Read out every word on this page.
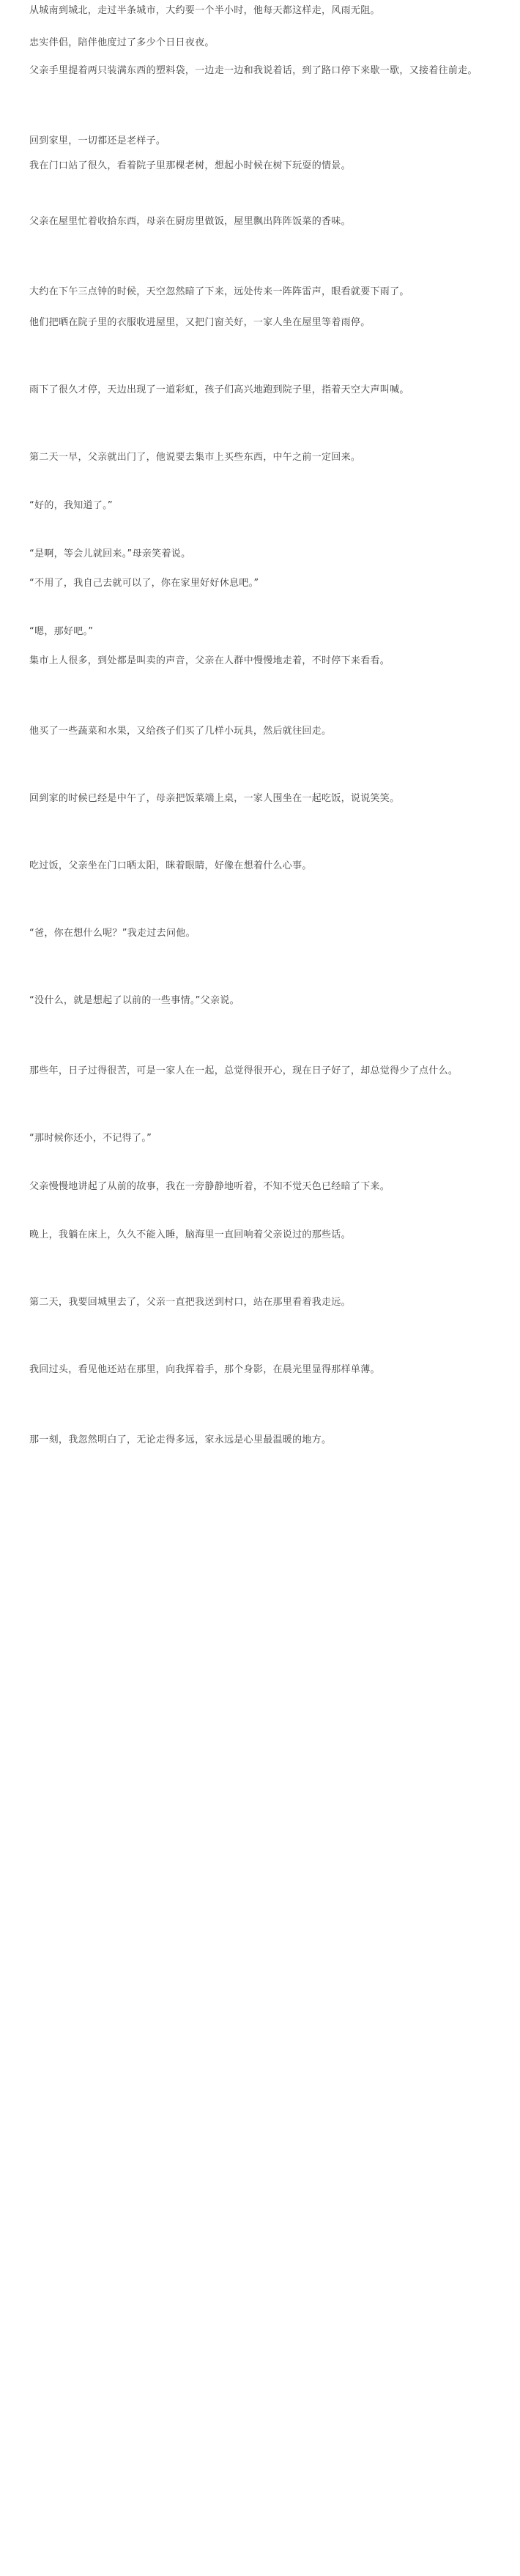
从城南到城北，走过半条城市，大约要一个半小时，他每天都这样走，风雨无阻。

忠实伴侣，陪伴他度过了多少个日日夜夜。

父亲手里提着两只装满东西的塑料袋，一边走一边和我说着话，到了路口停下来歇一歇，又接着往前走。

回到家里，一切都还是老样子。

我在门口站了很久，看着院子里那棵老树，想起小时候在树下玩耍的情景。

父亲在屋里忙着收拾东西，母亲在厨房里做饭，屋里飘出阵阵饭菜的香味。

大约在下午三点钟的时候，天空忽然暗了下来，远处传来一阵阵雷声，眼看就要下雨了。

他们把晒在院子里的衣服收进屋里，又把门窗关好，一家人坐在屋里等着雨停。

雨下了很久才停，天边出现了一道彩虹，孩子们高兴地跑到院子里，指着天空大声叫喊。

第二天一早，父亲就出门了，他说要去集市上买些东西，中午之前一定回来。

“好的，我知道了。”

“是啊，等会儿就回来。”母亲笑着说。

“不用了，我自己去就可以了，你在家里好好休息吧。”

“嗯，那好吧。”

集市上人很多，到处都是叫卖的声音，父亲在人群中慢慢地走着，不时停下来看看。

他买了一些蔬菜和水果，又给孩子们买了几样小玩具，然后就往回走。

回到家的时候已经是中午了，母亲把饭菜端上桌，一家人围坐在一起吃饭，说说笑笑。

吃过饭，父亲坐在门口晒太阳，眯着眼睛，好像在想着什么心事。

“爸，你在想什么呢？”我走过去问他。

“没什么，就是想起了以前的一些事情。”父亲说。

那些年，日子过得很苦，可是一家人在一起，总觉得很开心，现在日子好了，却总觉得少了点什么。

“那时候你还小，不记得了。”

父亲慢慢地讲起了从前的故事，我在一旁静静地听着，不知不觉天色已经暗了下来。

晚上，我躺在床上，久久不能入睡，脑海里一直回响着父亲说过的那些话。

第二天，我要回城里去了，父亲一直把我送到村口，站在那里看着我走远。

我回过头，看见他还站在那里，向我挥着手，那个身影，在晨光里显得那样单薄。

那一刻，我忽然明白了，无论走得多远，家永远是心里最温暖的地方。
